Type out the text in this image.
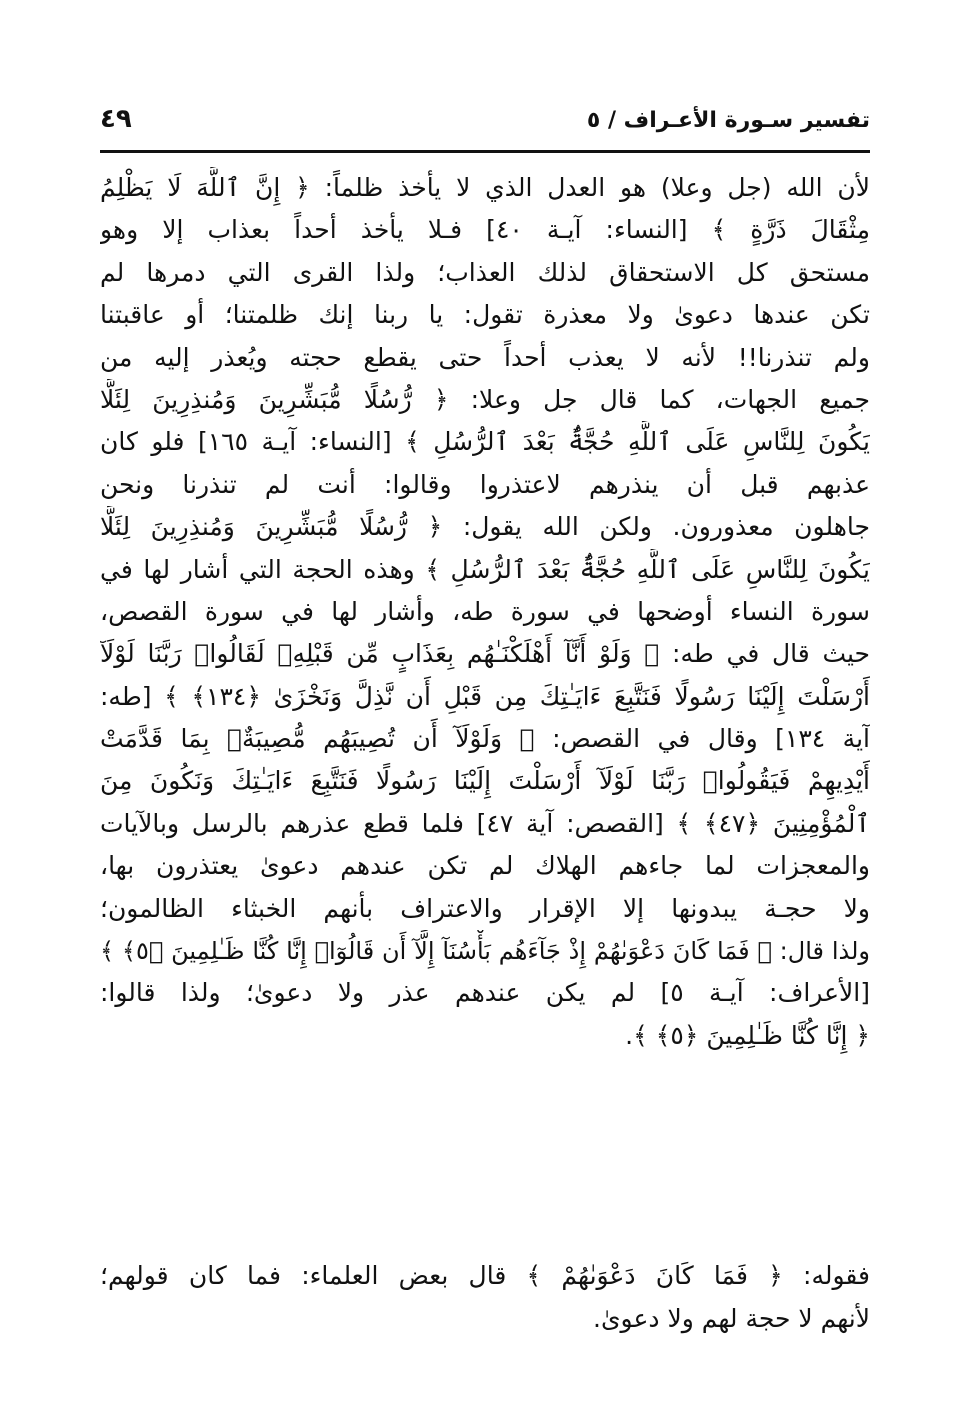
تفسير سـورة الأعـراف / ٥
٤٩
لأن الله (جل وعلا) هو العدل الذي لا يأخذ ظلماً: ﴿ إِنَّ ٱللَّهَ لَا يَظْلِمُ
مِثْقَالَ ذَرَّةٍ ﴾ [النساء: آيـة ٤٠] فـلا يأخذ أحداً بعذاب إلا وهو
مستحق كل الاستحقاق لذلك العذاب؛ ولذا القرى التي دمرها لم
تكن عندها دعوىٰ ولا معذرة تقول: يا ربنا إنك ظلمتنا؛ أو عاقبتنا
ولم تنذرنا!! لأنه لا يعذب أحداً حتى يقطع حجته ويُعذر إليه من
جميع الجهات، كما قال جل وعلا: ﴿ رُّسُلًا مُّبَشِّرِينَ وَمُنذِرِينَ لِئَلَّا
يَكُونَ لِلنَّاسِ عَلَى ٱللَّهِ حُجَّةٌۢ بَعْدَ ٱلرُّسُلِ ﴾ [النساء: آيـة ١٦٥] فلو كان
عذبهم قبل أن ينذرهم لاعتذروا وقالوا: أنت لم تنذرنا ونحن
جاهلون معذورون. ولكن الله يقول: ﴿ رُّسُلًا مُّبَشِّرِينَ وَمُنذِرِينَ لِئَلَّا
يَكُونَ لِلنَّاسِ عَلَى ٱللَّهِ حُجَّةٌۢ بَعْدَ ٱلرُّسُلِ ﴾ وهذه الحجة التي أشار لها في
سورة النساء أوضحها في سورة طه، وأشار لها في سورة القصص،
حيث قال في طه: ﴿ وَلَوْ أَنَّآ أَهْلَكْنَـٰهُم بِعَذَابٍ مِّن قَبْلِهِۦ لَقَالُوا۟ رَبَّنَا لَوْلَآ
أَرْسَلْتَ إِلَيْنَا رَسُولًا فَنَتَّبِعَ ءَايَـٰتِكَ مِن قَبْلِ أَن نَّذِلَّ وَنَخْزَىٰ ﴿١٣٤﴾ ﴾ [طه:
آية ١٣٤] وقال في القصص: ﴿ وَلَوْلَآ أَن تُصِيبَهُم مُّصِيبَةٌۢ بِمَا قَدَّمَتْ
أَيْدِيهِمْ فَيَقُولُوا۟ رَبَّنَا لَوْلَآ أَرْسَلْتَ إِلَيْنَا رَسُولًا فَنَتَّبِعَ ءَايَـٰتِكَ وَنَكُونَ مِنَ
ٱلْمُؤْمِنِينَ ﴿٤٧﴾ ﴾ [القصص: آية ٤٧] فلما قطع عذرهم بالرسل وبالآيات
والمعجزات لما جاءهم الهلاك لم تكن عندهم دعوىٰ يعتذرون بها،
ولا حجـة يبدونها إلا الإقرار والاعتراف بأنهم الخبثاء الظالمون؛
ولذا قال: ﴿ فَمَا كَانَ دَعْوَىٰهُمْ إِذْ جَآءَهُم بَأْسُنَآ إِلَّآ أَن قَالُوٓا۟ إِنَّا كُنَّا ظَـٰلِمِينَ ﴿٥﴾ ﴾
[الأعراف: آيـة ٥] لم يكن عندهم عذر ولا دعوىٰ؛ ولذا قالوا:
﴿ إِنَّا كُنَّا ظَـٰلِمِينَ ﴿٥﴾ ﴾.
فقوله: ﴿ فَمَا كَانَ دَعْوَىٰهُمْ ﴾ قال بعض العلماء: فما كان قولهم؛
لأنهم لا حجة لهم ولا دعوىٰ.
